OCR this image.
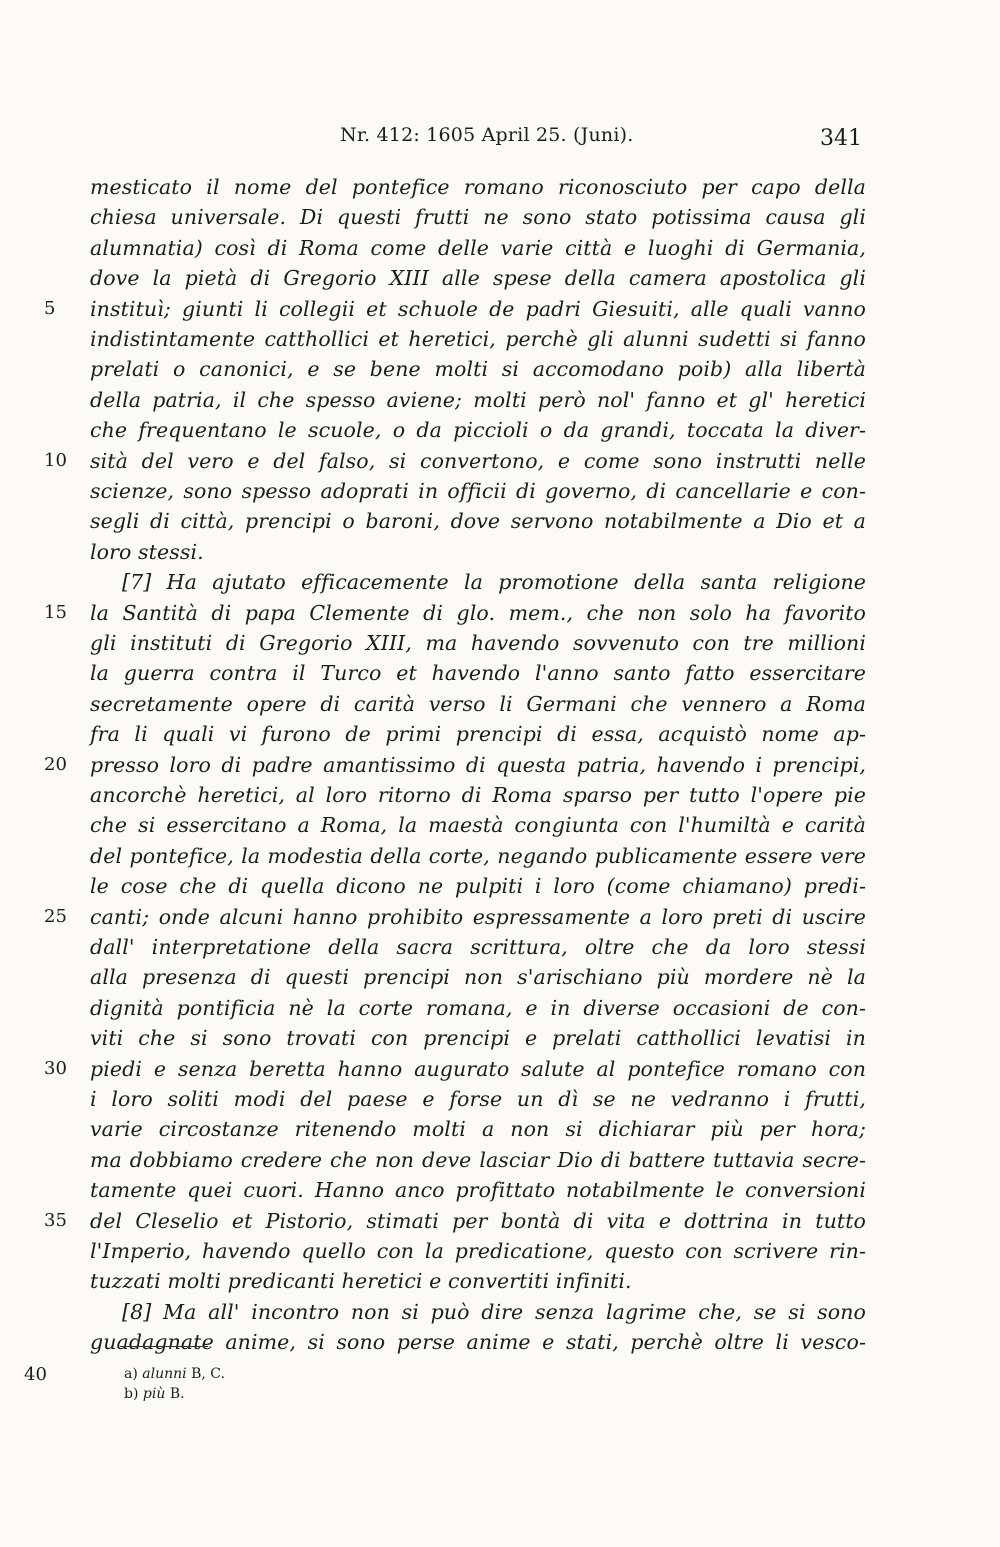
Nr. 412: 1605 April 25. (Juni).	341
mesticato il nome del pontefice romano riconosciuto per capo della
chiesa universale. Di questi frutti ne sono stato potissima causa gli
alumnatia) così di Roma come delle varie città e luoghi di Germania,
dove la pietà di Gregorio XIII alle spese della camera apostolica gli
instituì; giunti li collegii et schuole de padri Giesuiti, alle quali vanno
5
indistintamente catthollici et heretici, perchè gli alunni sudetti si fanno
prelati o canonici, e se bene molti si accomodano poib) alla libertà
della patria, il che spesso aviene; molti però nol' fanno et gl' heretici
che frequentano le scuole, o da piccioli o da grandi, toccata la diver-
sità del vero e del falso, si convertono, e come sono instrutti nelle
10
scienze, sono spesso adoprati in officii di governo, di cancellarie e con-
segli di città, prencipi o baroni, dove servono notabilmente a Dio et a
loro stessi.
[7] Ha ajutato efficacemente la promotione della santa religione
la Santità di papa Clemente di glo. mem., che non solo ha favorito
15
gli instituti di Gregorio XIII, ma havendo sovvenuto con tre millioni
la guerra contra il Turco et havendo l'anno santo fatto essercitare
secretamente opere di carità verso li Germani che vennero a Roma
fra li quali vi furono de primi prencipi di essa, acquistò nome ap-
presso loro di padre amantissimo di questa patria, havendo i prencipi,
20
ancorchè heretici, al loro ritorno di Roma sparso per tutto l'opere pie
che si essercitano a Roma, la maestà congiunta con l'humiltà e carità
del pontefice, la modestia della corte, negando publicamente essere vere
le cose che di quella dicono ne pulpiti i loro (come chiamano) predi-
canti; onde alcuni hanno prohibito espressamente a loro preti di uscire
25
dall' interpretatione della sacra scrittura, oltre che da loro stessi
alla presenza di questi prencipi non s'arischiano più mordere nè la
dignità pontificia nè la corte romana, e in diverse occasioni de con-
viti che si sono trovati con prencipi e prelati catthollici levatisi in
piedi e senza beretta hanno augurato salute al pontefice romano con
30
i loro soliti modi del paese e forse un dì se ne vedranno i frutti,
varie circostanze ritenendo molti a non si dichiarar più per hora;
ma dobbiamo credere che non deve lasciar Dio di battere tuttavia secre-
tamente quei cuori. Hanno anco profittato notabilmente le conversioni
del Cleselio et Pistorio, stimati per bontà di vita e dottrina in tutto
35
l'Imperio, havendo quello con la predicatione, questo con scrivere rin-
tuzzati molti predicanti heretici e convertiti infiniti.
[8] Ma all' incontro non si può dire senza lagrime che, se si sono
guadagnate anime, si sono perse anime e stati, perchè oltre li vesco-
40	a) alunni B, C.
b) più B.
